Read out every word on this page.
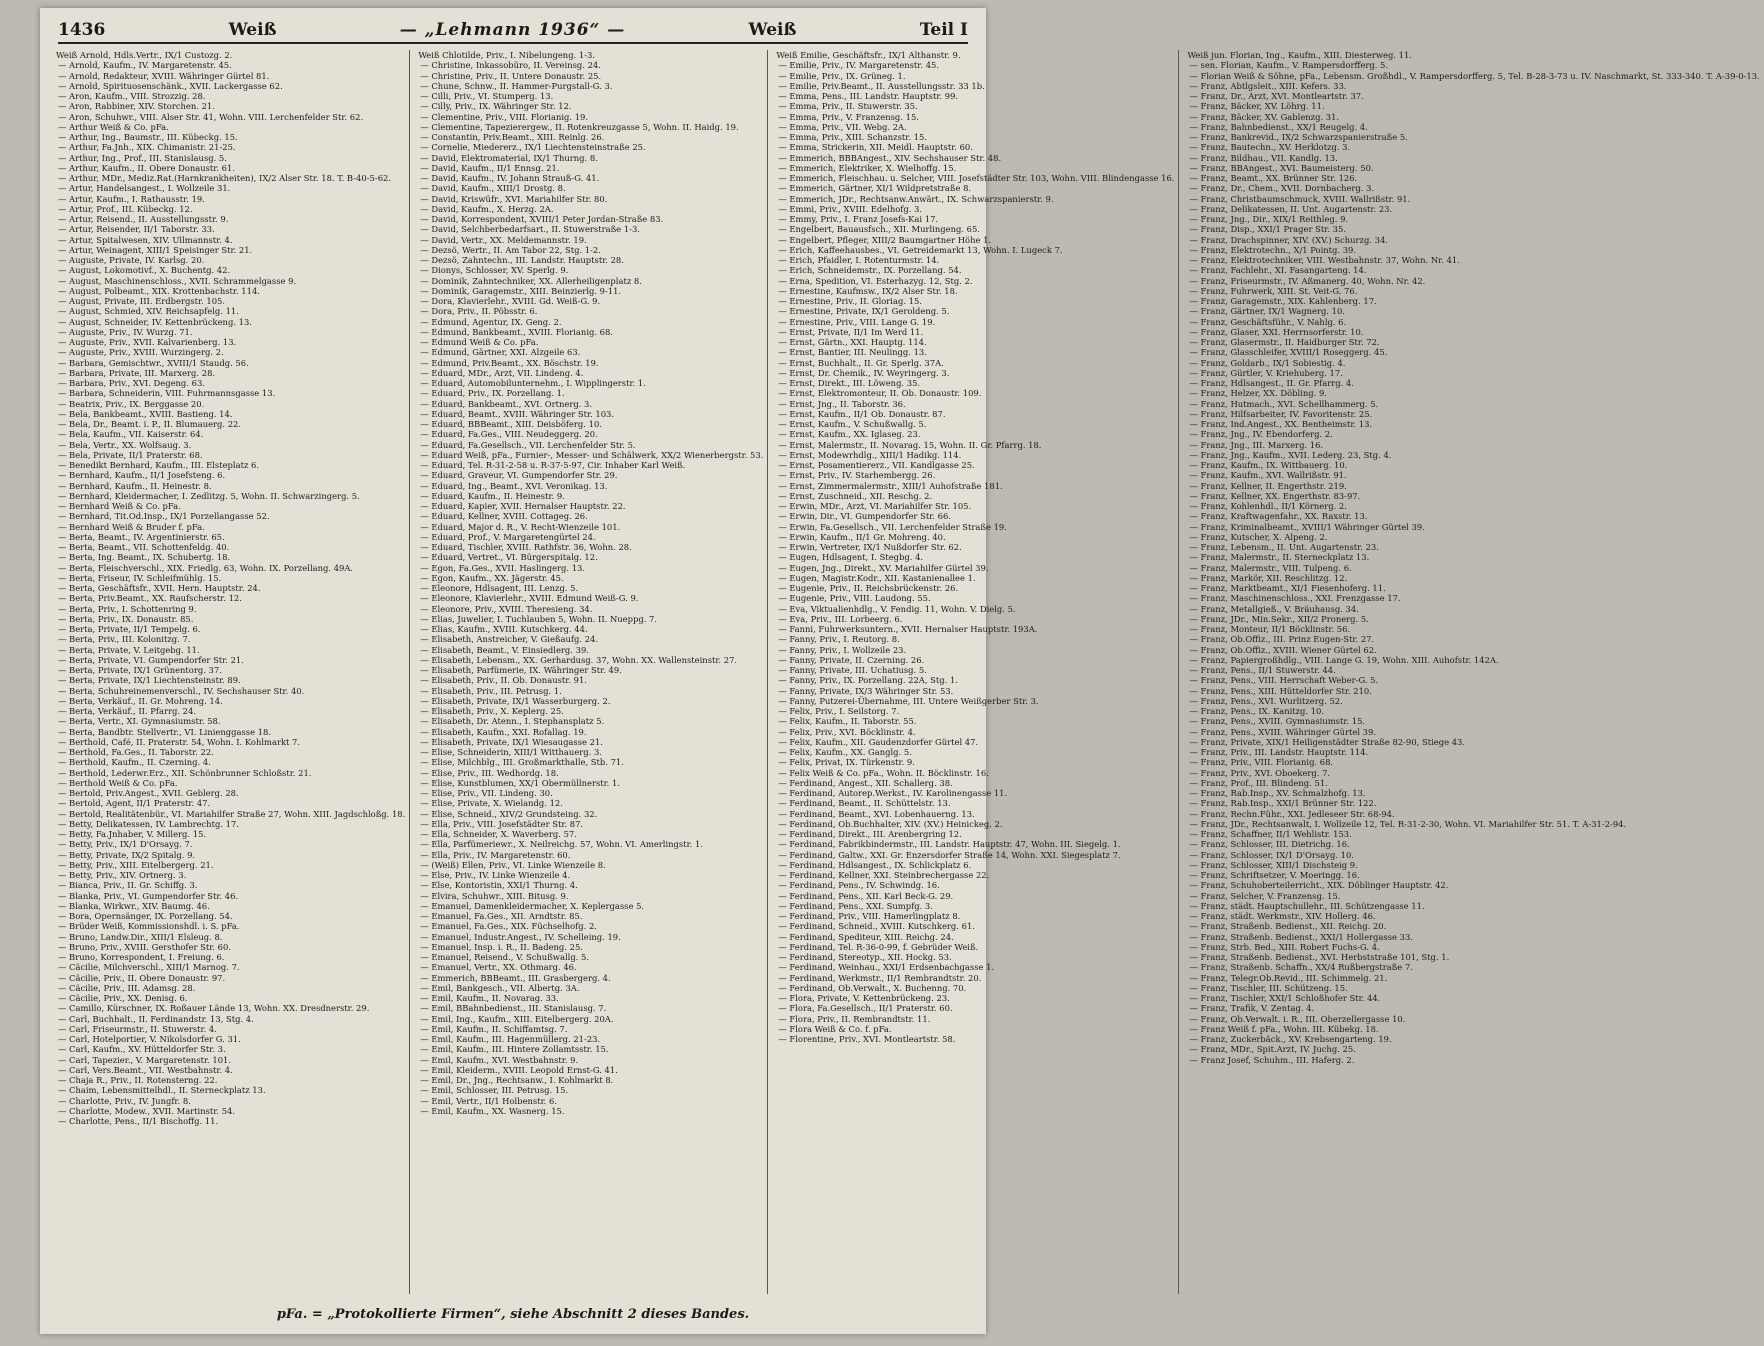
1436	Weiß	— „Lehmann 1936“ —	Weiß	Teil I
Weiß Arnold, Hdls.Vertr., IX/1 Custozg. 2.
— Arnold, Kaufm., IV. Margaretenstr. 45.
— Arnold, Redakteur, XVIII. Währinger Gürtel 81.
— Arnold, Spirituosenschänk., XVII. Lackergasse 62.
— Aron, Kaufm., VIII. Strozzig. 28.
— Aron, Rabbiner, XIV. Storchen. 21.
— Aron, Schuhwr., VIII. Alser Str. 41, Wohn. VIII. Lerchenfelder Str. 62.
— Arthur Weiß & Co. pFa.
— Arthur, Ing., Baumstr., III. Kübeckg. 15.
— Arthur, Fa.Jnh., XIX. Chimanistr. 21-25.
— Arthur, Ing., Prof., III. Stanislausg. 5.
— Arthur, Kaufm., II. Obere Donaustr. 61.
— Arthur, MDr., Mediz.Rat.(Harnkrankheiten), IX/2 Alser Str. 18. T. B-40-5-62.
— Artur, Handelsangest., I. Wollzeile 31.
— Artur, Kaufm., I. Rathausstr. 19.
— Artur, Prof., III. Kübeckg. 12.
— Artur, Reisend., II. Ausstellungsstr. 9.
— Artur, Reisender, II/1 Taborstr. 33.
— Artur, Spitalwesen, XIV. Ullmannstr. 4.
— Artur, Weinagent, XIII/1 Speisinger Str. 21.
— Auguste, Private, IV. Karlsg. 20.
— August, Lokomotivf., X. Buchentg. 42.
— August, Maschinenschloss., XVII. Schrammelgasse 9.
— August, Polbeamt., XIX. Krottenbachstr. 114.
— August, Private, III. Erdbergstr. 105.
— August, Schmied, XIV. Reichsapfelg. 11.
— August, Schneider, IV. Kettenbrückeng. 13.
— Auguste, Priv., IV. Wurzg. 71.
— Auguste, Priv., XVII. Kalvarienberg. 13.
— Auguste, Priv., XVIII. Wurzingerg. 2.
— Barbara, Gemischtwr., XVIII/1 Staudg. 56.
— Barbara, Private, III. Marxerg. 28.
— Barbara, Priv., XVI. Degeng. 63.
— Barbara, Schneiderin, VIII. Fuhrmannsgasse 13.
— Beatrix, Priv., IX. Berggasse 20.
— Bela, Bankbeamt., XVIII. Bastieng. 14.
— Bela, Dr., Beamt. i. P., II. Blumauerg. 22.
— Bela, Kaufm., VII. Kaiserstr. 64.
— Bela, Vertr., XX. Wolfsaug. 3.
— Bela, Private, II/1 Praterstr. 68.
— Benedikt Bernhard, Kaufm., III. Elsteplatz 6.
— Bernhard, Kaufm., II/1 Josefsteng. 6.
— Bernhard, Kaufm., II. Heinestr. 8.
— Bernhard, Kleidermacher, I. Zedlitzg. 5, Wohn. II. Schwarzingerg. 5.
— Bernhard Weiß & Co. pFa.
— Bernhard, Tit.Od.Insp., IX/1 Porzellangasse 52.
— Bernhard Weiß & Bruder f. pFa.
— Berta, Beamt., IV. Argentinierstr. 65.
— Berta, Beamt., VII. Schottenfeldg. 40.
— Berta, Ing. Beamt., IX. Schubertg. 18.
— Berta, Fleischverschl., XIX. Friedlg. 63, Wohn. IX. Porzellang. 49A.
— Berta, Friseur, IV. Schleifmühlg. 15.
— Berta, Geschäftsfr., XVII. Hern. Hauptstr. 24.
— Berta, Priv.Beamt., XX. Raufscherstr. 12.
— Berta, Priv., I. Schottenring 9.
— Berta, Priv., IX. Donaustr. 85.
— Berta, Private, II/1 Tempelg. 6.
— Berta, Priv., III. Kolonitzg. 7.
— Berta, Private, V. Leitgebg. 11.
— Berta, Private, VI. Gumpendorfer Str. 21.
— Berta, Private, IX/1 Grünentorg. 37.
— Berta, Private, IX/1 Liechtensteinstr. 89.
— Berta, Schuhreinemenverschl., IV. Sechshauser Str. 40.
— Berta, Verkäuf., II. Gr. Mohreng. 14.
— Berta, Verkäuf., II. Pfarrg. 24.
— Berta, Vertr., XI. Gymnasiumstr. 58.
— Berta, Bandbtr. Stellvertr., VI. Linienggasse 18.
— Berthold, Café, II. Praterstr. 54, Wohn. I. Kohlmarkt 7.
— Berthold, Fa.Ges., II. Taborstr. 22.
— Berthold, Kaufm., II. Czerning. 4.
— Berthold, Lederwr.Erz., XII. Schönbrunner Schloßstr. 21.
— Berthold Weiß & Co. pFa.
— Bertold, Priv.Angest., XVII. Geblerg. 28.
— Bertold, Agent, II/1 Praterstr. 47.
— Bertold, Realitätenbür., VI. Mariahilfer Straße 27, Wohn. XIII. Jagdschloßg. 18.
— Betty, Delikatessen, IV. Lambrechtg. 17.
— Betty, Fa.Jnhaber, V. Millerg. 15.
— Betty, Priv., IX/1 D'Orsayg. 7.
— Betty, Private, IX/2 Spitalg. 9.
— Betty, Priv., XIII. Eitelbergerg. 21.
— Betty, Priv., XIV. Ortnerg. 3.
— Bianca, Priv., II. Gr. Schiffg. 3.
— Blanka, Priv., VI. Gumpendorfer Str. 46.
— Blanka, Wirkwr., XIV. Baumg. 46.
— Bora, Opernsänger, IX. Porzellang. 54.
— Brüder Weiß, Kommissionshdl. i. S. pFa.
— Bruno, Landw.Dir., XIII/1 Elsleug. 8.
— Bruno, Priv., XVIII. Gersthofer Str. 60.
— Bruno, Korrespondent, I. Freiung. 6.
— Cäcilie, Milchverschl., XIII/1 Marnog. 7.
— Cäcilie, Priv., II. Obere Donaustr. 97.
— Cäcilie, Priv., III. Adamsg. 28.
— Cäcilie, Priv., XX. Denisg. 6.
— Camillo, Kürschner, IX. Roßauer Lände 13, Wohn. XX. Dresdnerstr. 29.
— Carl, Buchhalt., II. Ferdinandstr. 13, Stg. 4.
— Carl, Friseurmstr., II. Stuwerstr. 4.
— Carl, Hotelportier, V. Nikolsdorfer G. 31.
— Carl, Kaufm., XV. Hütteldorfer Str. 3.
— Carl, Tapezier., V. Margaretenstr. 101.
— Carl, Vers.Beamt., VII. Westbahnstr. 4.
— Chaja R., Priv., II. Rotensterng. 22.
— Chaim, Lebensmittelhdl., II. Sterneckplatz 13.
— Charlotte, Priv., IV. Jungfr. 8.
— Charlotte, Modew., XVII. Martinstr. 54.
— Charlotte, Pens., II/1 Bischoffg. 11.
Weiß Chlotilde, Priv., I. Nibelungeng. 1-3.
— Christine, Inkassobüro, II. Vereinsg. 24.
— Christine, Priv., II. Untere Donaustr. 25.
— Chune, Schnw., II. Hammer-Purgstall-G. 3.
— Cilli, Priv., VI. Stumperg. 13.
— Cilly, Priv., IX. Währinger Str. 12.
— Clementine, Priv., VIII. Florianig. 19.
— Clementine, Tapezierergew., II. Rotenkreuzgasse 5, Wohn. II. Haidg. 19.
— Constantin, Priv.Beamt., XIII. Reinlg. 26.
— Cornelie, Miedererz., IX/1 Liechtensteinstraße 25.
— David, Elektromaterial, IX/1 Thurng. 8.
— David, Kaufm., II/1 Ennsg. 21.
— David, Kaufm., IV. Johann Strauß-G. 41.
— David, Kaufm., XIII/1 Drostg. 8.
— David, Kriswüfr., XVI. Mariahilfer Str. 80.
— David, Kaufm., X. Herzg. 2A.
— David, Korrespondent, XVIII/1 Peter Jordan-Straße 83.
— David, Selchberbedarfsart., II. Stuwerstraße 1-3.
— David, Vertr., XX. Meldemannstr. 19.
— Dezsö, Wertr., II. Am Tabor 22, Stg. 1-2.
— Dezsö, Zahntechn., III. Landstr. Hauptstr. 28.
— Dionys, Schlosser, XV. Sperlg. 9.
— Dominik, Zahntechniker, XX. Allerheiligenplatz 8.
— Dominik, Garagemstr., XIII. Beinzierlg. 9-11.
— Dora, Klavierlehr., XVIII. Gd. Weiß-G. 9.
— Dora, Priv., II. Pöbsstr. 6.
— Edmund, Agentur, IX. Geng. 2.
— Edmund, Bankbeamt., XVIII. Florianig. 68.
— Edmund Weiß & Co. pFa.
— Edmund, Gärtner, XXI. Alzgeile 63.
— Edmund, Priv.Beamt., XX. Böschstr. 19.
— Eduard, MDr., Arzt, VII. Lindeng. 4.
— Eduard, Automobilunternehm., I. Wipplingerstr. 1.
— Eduard, Priv., IX. Porzellang. 1.
— Eduard, Bankbeamt., XVI. Ortnerg. 3.
— Eduard, Beamt., XVIII. Währinger Str. 103.
— Eduard, BBBeamt., XIII. Deisböferg. 10.
— Eduard, Fa.Ges., VIII. Neudeggerg. 20.
— Eduard, Fa.Gesellsch., VII. Lerchenfelder Str. 5.
— Eduard Weiß, pFa., Furnier-, Messer- und Schälwerk, XX/2 Wienerbergstr. 53.
— Eduard, Tel. R-31-2-58 u. R-37-5-97, Cir. Inhaber Karl Weiß.
— Eduard, Graveur, VI. Gumpendorfer Str. 29.
— Eduard, Ing., Beamt., XVI. Veronikag. 13.
— Eduard, Kaufm., II. Heinestr. 9.
— Eduard, Kapier, XVII. Hernalser Hauptstr. 22.
— Eduard, Kellner, XVIII. Cottageg. 26.
— Eduard, Major d. R., V. Recht-Wienzeile 101.
— Eduard, Prof., V. Margaretengürtel 24.
— Eduard, Tischler, XVIII. Rathfstr. 36, Wohn. 28.
— Eduard, Vertret., VI. Bürgerspitalg. 12.
— Egon, Fa.Ges., XVII. Haslingerg. 13.
— Egon, Kaufm., XX. Jägerstr. 45.
— Eleonore, Hdlsagent, III. Lenzg. 5.
— Eleonore, Klavierlehr., XVIII. Edmund Weiß-G. 9.
— Eleonore, Priv., XVIII. Theresieng. 34.
— Elias, Juwelier, I. Tuchlauben 5, Wohn. II. Nueppg. 7.
— Elias, Kaufm., XVIII. Kutschkerg. 44.
— Elisabeth, Anstreicher, V. Gießaufg. 24.
— Elisabeth, Beamt., V. Einsiedlerg. 39.
— Elisabeth, Lebensm., XX. Gerhardusg. 37, Wohn. XX. Wallensteinstr. 27.
— Elisabeth, Parfümerie, IX. Währinger Str. 49.
— Elisabeth, Priv., II. Ob. Donaustr. 91.
— Elisabeth, Priv., III. Petrusg. 1.
— Elisabeth, Private, IX/1 Wasserburgerg. 2.
— Elisabeth, Priv., X. Keplerg. 25.
— Elisabeth, Dr. Atenn., I. Stephansplatz 5.
— Elisabeth, Kaufm., XXI. Rofallag. 19.
— Elisabeth, Private, IX/1 Wiesaugasse 21.
— Elise, Schneiderin, XIII/1 Witthauerg. 3.
— Elise, Milchblg., III. Großmarkthalle, Stb. 71.
— Elise, Priv., III. Wedhordg. 18.
— Elise, Kunstblumen, XX/1 Obermüllnerstr. 1.
— Elise, Priv., VII. Lindeng. 30.
— Elise, Private, X. Wielandg. 12.
— Elise, Schneid., XIV/2 Grundsteing. 32.
— Ella, Priv., VIII. Josefstädter Str. 87.
— Ella, Schneider, X. Waverberg. 57.
— Ella, Parfümeriewr., X. Neilreichg. 57, Wohn. VI. Amerlingstr. 1.
— Ella, Priv., IV. Margaretenstr. 60.
— (Weiß) Ellen, Priv., VI. Linke Wienzeile 8.
— Else, Priv., IV. Linke Wienzeile 4.
— Else, Kontoristin, XXI/1 Thurng. 4.
— Elvira, Schuhwr., XIII. Bitusg. 9.
— Emanuel, Damenkleidermacher, X. Keplergasse 5.
— Emanuel, Fa.Ges., XII. Arndtstr. 85.
— Emanuel, Fa.Ges., XIX. Füchselhofg. 2.
— Emanuel, Industr.Angest., IV. Schelleing. 19.
— Emanuel, Insp. i. R., II. Badeng. 25.
— Emanuel, Reisend., V. Schußwallg. 5.
— Emanuel, Vertr., XX. Othmarg. 46.
— Emmerich, BBBeamt., III. Grasbergerg. 4.
— Emil, Bankgesch., VII. Albertg. 3A.
— Emil, Kaufm., II. Novarag. 33.
— Emil, BBahnbedienst., III. Stanislausg. 7.
— Emil, Ing., Kaufm., XIII. Eitelbergerg. 20A.
— Emil, Kaufm., II. Schiffamtsg. 7.
— Emil, Kaufm., III. Hagenmüllerg. 21-23.
— Emil, Kaufm., III. Hintere Zollamtsstr. 15.
— Emil, Kaufm., XVI. Westbahnstr. 9.
— Emil, Kleiderm., XVIII. Leopold Ernst-G. 41.
— Emil, Dr., Jng., Rechtsanw., I. Kohlmarkt 8.
— Emil, Schlosser, III. Petrusg. 15.
— Emil, Vertr., II/1 Holbenstr. 6.
— Emil, Kaufm., XX. Wasnerg. 15.
Weiß Emilie, Geschäftsfr., IX/1 Althanstr. 9.
— Emilie, Priv., IV. Margaretenstr. 45.
— Emilie, Priv., IX. Grüneg. 1.
— Emilie, Priv.Beamt., II. Ausstellungsstr. 33 1b.
— Emma, Pens., III. Landstr. Hauptstr. 99.
— Emma, Priv., II. Stuwerstr. 35.
— Emma, Priv., V. Franzensg. 15.
— Emma, Priv., VII. Webg. 2A.
— Emma, Priv., XIII. Schanzstr. 15.
— Emma, Strickerin, XII. Meidl. Hauptstr. 60.
— Emmerich, BBBAngest., XIV. Sechshauser Str. 48.
— Emmerich, Elektriker, X. Wielhoffg. 15.
— Emmerich, Fleischhau. u. Selcher, VIII. Josefstädter Str. 103, Wohn. VIII. Blindengasse 16.
— Emmerich, Gärtner, XI/1 Wildpretstraße 8.
— Emmerich, JDr., Rechtsanw.Anwärt., IX. Schwarzspanierstr. 9.
— Emmi, Priv., XVIII. Edelhofg. 3.
— Emmy, Priv., I. Franz Josefs-Kai 17.
— Engelbert, Bauausfsch., XII. Murlingeng. 65.
— Engelbert, Pfleger, XIII/2 Baumgartner Höhe 1.
— Erich, Kaffeehausbes., VI. Getreidemarkt 13, Wohn. I. Lugeck 7.
— Erich, Pfaidler, I. Rotenturmstr. 14.
— Erich, Schneidemstr., IX. Porzellang. 54.
— Erna, Spedition, VI. Esterhazyg. 12, Stg. 2.
— Ernestine, Kaufmsw., IX/2 Alser Str. 18.
— Ernestine, Priv., II. Gloriag. 15.
— Ernestine, Private, IX/1 Geroldeng. 5.
— Ernestine, Priv., VIII. Lange G. 19.
— Ernst, Private, II/1 Im Werd 11.
— Ernst, Gärtn., XXI. Hauptg. 114.
— Ernst, Bantier, III. Neulingg. 13.
— Ernst, Buchhalt., II. Gr. Sperlg. 37A.
— Ernst, Dr. Chemik., IV. Weyringerg. 3.
— Ernst, Direkt., III. Löweng. 35.
— Ernst, Elektromonteur, II. Ob. Donaustr. 109.
— Ernst, Jng., II. Taborstr. 36.
— Ernst, Kaufm., II/1 Ob. Donaustr. 87.
— Ernst, Kaufm., V. Schußwallg. 5.
— Ernst, Kaufm., XX. Iglaseg. 23.
— Ernst, Malermstr., II. Novarag. 15, Wohn. II. Gr. Pfarrg. 18.
— Ernst, Modewrhdlg., XIII/1 Hadikg. 114.
— Ernst, Posamentiererz., VII. Kandlgasse 25.
— Ernst, Priv., IV. Starhembergg. 26.
— Ernst, Zimmermalermstr., XIII/1 Auhofstraße 181.
— Ernst, Zuschneid., XII. Reschg. 2.
— Erwin, MDr., Arzt, VI. Mariahilfer Str. 105.
— Erwin, Dir., VI. Gumpendorfer Str. 66.
— Erwin, Fa.Gesellsch., VII. Lerchenfelder Straße 19.
— Erwin, Kaufm., II/1 Gr. Mohreng. 40.
— Erwin, Vertreter, IX/1 Nußdorfer Str. 62.
— Eugen, Hdlsagent, I. Stegbg. 4.
— Eugen, Jng., Direkt., XV. Mariahilfer Gürtel 39.
— Eugen, Magistr.Kodr., XII. Kastanienallee 1.
— Eugenie, Priv., II. Reichsbrückenstr. 26.
— Eugenie, Priv., VIII. Laudong. 55.
— Eva, Viktualienhdlg., V. Fendig. 11, Wohn. V. Dielg. 5.
— Eva, Priv., III. Lorbeerg. 6.
— Fanni, Fuhrwerksuntern., XVII. Hernalser Hauptstr. 193A.
— Fanny, Priv., I. Reutorg. 8.
— Fanny, Priv., I. Wollzeile 23.
— Fanny, Private, II. Czerning. 26.
— Fanny, Private, III. Uchatiusg. 5.
— Fanny, Priv., IX. Porzellang. 22A, Stg. 1.
— Fanny, Private, IX/3 Währinger Str. 53.
— Fanny, Putzerei-Übernahme, III. Untere Weißgerber Str. 3.
— Felix, Priv., I. Seilstorg. 7.
— Felix, Kaufm., II. Taborstr. 55.
— Felix, Priv., XVI. Böcklinstr. 4.
— Felix, Kaufm., XII. Gaudenzdorfer Gürtel 47.
— Felix, Kaufm., XX. Ganglg. 5.
— Felix, Privat, IX. Türkenstr. 9.
— Felix Weiß & Co. pFa., Wohn. II. Böcklinstr. 16.
— Ferdinand, Angest., XII. Schallerg. 38.
— Ferdinand, Autorep.Werkst., IV. Karolinengasse 11.
— Ferdinand, Beamt., II. Schüttelstr. 13.
— Ferdinand, Beamt., XVI. Lobenhauerng. 13.
— Ferdinand, Ob.Buchhalter, XIV. (XV.) Heinickeg. 2.
— Ferdinand, Direkt., III. Arenbergring 12.
— Ferdinand, Fabrikbindermstr., III. Landstr. Hauptstr. 47, Wohn. III. Siegelg. 1.
— Ferdinand, Galtw., XXI. Gr. Enzersdorfer Straße 14, Wohn. XXI. Siegesplatz 7.
— Ferdinand, Hdlsangest., IX. Schlickplatz 6.
— Ferdinand, Kellner, XXI. Steinbrechergasse 22.
— Ferdinand, Pens., IV. Schwindg. 16.
— Ferdinand, Pens., XII. Karl Beck-G. 29.
— Ferdinand, Pens., XXI. Sumpfg. 3.
— Ferdinand, Priv., VIII. Hamerlingplatz 8.
— Ferdinand, Schneid., XVIII. Kutschkerg. 61.
— Ferdinand, Spediteur, XIII. Reichg. 24.
— Ferdinand, Tel. R-36-0-99, f. Gebrüder Weiß.
— Ferdinand, Stereotyp., XII. Hockg. 53.
— Ferdinand, Weinhau., XXI/1 Erdsenbachgasse 1.
— Ferdinand, Werkmstr., II/1 Rembrandtstr. 20.
— Ferdinand, Ob.Verwalt., X. Buchenng. 70.
— Flora, Private, V. Kettenbrückeng. 23.
— Flora, Fa.Gesellsch., II/1 Praterstr. 60.
— Flora, Priv., II. Rembrandtstr. 11.
— Flora Weiß & Co. f. pFa.
— Florentine, Priv., XVI. Montleartstr. 58.
Weiß jun. Florian, Ing., Kaufm., XIII. Diesterweg. 11.
— sen. Florian, Kaufm., V. Rampersdorfferg. 5.
— Florian Weiß & Söhne, pFa., Lebensm. Großhdl., V. Rampersdorfferg. 5, Tel. B-28-3-73 u. IV. Naschmarkt, St. 333-340. T. A-39-0-13.
— Franz, Abtlgsleit., XIII. Kefers. 33.
— Franz, Dr., Arzt, XVI. Montleartstr. 37.
— Franz, Bäcker, XV. Löhrg. 11.
— Franz, Bäcker, XV. Gablenzg. 31.
— Franz, Bahnbedienst., XX/1 Reugelg. 4.
— Franz, Bankrevid., IX/2 Schwarzspanierstraße 5.
— Franz, Bautechn., XV. Herklotzg. 3.
— Franz, Bildhau., VII. Kandlg. 13.
— Franz, BBAngest., XVI. Baumeisterg. 50.
— Franz, Beamt., XX. Brünner Str. 126.
— Franz, Dr., Chem., XVII. Dornbacherg. 3.
— Franz, Christbaumschmuck, XVIII. Wallrißstr. 91.
— Franz, Delikatessen, II. Unt. Augartenstr. 23.
— Franz, Jng., Dir., XIX/1 Reithleg. 9.
— Franz, Disp., XXI/1 Prager Str. 35.
— Franz, Drachspinner, XIV. (XV.) Schurzg. 34.
— Franz, Elektrotechn., X/1 Pointg. 39.
— Franz, Elektrotechniker, VIII. Westbahnstr. 37, Wohn. Nr. 41.
— Franz, Fachlehr., XI. Fasangarteng. 14.
— Franz, Friseurmstr., IV. Aßmanerg. 40, Wohn. Nr. 42.
— Franz, Fuhrwerk, XIII. St. Veit-G. 76.
— Franz, Garagemstr., XIX. Kahlenberg. 17.
— Franz, Gärtner, IX/1 Wagnerg. 10.
— Franz, Geschäftsführ., V. Nahlg. 6.
— Franz, Glaser, XXI. Herrnsorferstr. 10.
— Franz, Glasermstr., II. Haidburger Str. 72.
— Franz, Glasschleifer, XVIII/1 Roseggerg. 45.
— Franz, Goldarb., IX/1 Sobiestig. 4.
— Franz, Gürtler, V. Kriehuberg. 17.
— Franz, Hdlsangest., II. Gr. Pfarrg. 4.
— Franz, Helzer, XX. Döbling. 9.
— Franz, Hutmach., XVI. Schellhammerg. 5.
— Franz, Hilfsarbeiter, IV. Favoritenstr. 25.
— Franz, Ind.Angest., XX. Bentheimstr. 13.
— Franz, Jng., IV. Ebendorferg. 2.
— Franz, Jng., III. Marxerg. 16.
— Franz, Jng., Kaufm., XVII. Lederg. 23, Stg. 4.
— Franz, Kaufm., IX. Wittbauerg. 10.
— Franz, Kaufm., XVI. Wallrißstr. 91.
— Franz, Kellner, II. Engerthstr. 219.
— Franz, Kellner, XX. Engerthstr. 83-97.
— Franz, Kohlenhdl., II/1 Körnerg. 2.
— Franz, Kraftwagenfahr., XX. Raxstr. 13.
— Franz, Kriminalbeamt., XVIII/1 Währinger Gürtel 39.
— Franz, Kutscher, X. Alpeng. 2.
— Franz, Lebensm., II. Unt. Augartenstr. 23.
— Franz, Malermstr., II. Sterneckplatz 13.
— Franz, Malermstr., VIII. Tulpeng. 6.
— Franz, Markör, XII. Reschlitzg. 12.
— Franz, Marktbeamt., XI/1 Fiesenhoferg. 11.
— Franz, Maschinenschloss., XXI. Frenzgasse 17.
— Franz, Metallgieß., V. Bräuhausg. 34.
— Franz, JDr., Min.Sekr., XII/2 Pronerg. 5.
— Franz, Monteur, II/1 Böcklinstr. 56.
— Franz, Ob.Offiz., III. Prinz Eugen-Str. 27.
— Franz, Ob.Offiz., XVIII. Wiener Gürtel 62.
— Franz, Papiergroßhdlg., VIII. Lange G. 19, Wohn. XIII. Auhofstr. 142A.
— Franz, Pens., II/1 Stuwerstr. 44.
— Franz, Pens., VIII. Herrschaft Weber-G. 5.
— Franz, Pens., XIII. Hütteldorfer Str. 210.
— Franz, Pens., XVI. Wurlitzerg. 52.
— Franz, Pens., IX. Kanitzg. 10.
— Franz, Pens., XVIII. Gymnasiumstr. 15.
— Franz, Pens., XVIII. Währinger Gürtel 39.
— Franz, Private, XIX/1 Heiligenstädter Straße 82-90, Stiege 43.
— Franz, Priv., III. Landstr. Hauptstr. 114.
— Franz, Priv., VIII. Florianig. 68.
— Franz, Priv., XVI. Oboekerg. 7.
— Franz, Prof., III. Blindeng. 51.
— Franz, Rab.Insp., XV. Schmalzhofg. 13.
— Franz, Rab.Insp., XXI/1 Brünner Str. 122.
— Franz, Rechn.Führ., XXI. Jedleseer Str. 68-94.
— Franz, JDr., Rechtsanwalt, I. Wollzeile 12, Tel. R-31-2-30, Wohn. VI. Mariahilfer Str. 51. T. A-31-2-94.
— Franz, Schaffner, II/1 Wehlistr. 153.
— Franz, Schlosser, III. Dietrichg. 16.
— Franz, Schlosser, IX/1 D'Orsayg. 10.
— Franz, Schlosser, XIII/1 Dischsteig 9.
— Franz, Schriftsetzer, V. Moeringg. 16.
— Franz, Schuhoberteilerricht., XIX. Döblinger Hauptstr. 42.
— Franz, Selcher, V. Franzensg. 15.
— Franz, städt. Hauptschullehr., III. Schützengasse 11.
— Franz, städt. Werkmstr., XIV. Hollerg. 46.
— Franz, Straßenb. Bedienst., XII. Reichg. 20.
— Franz, Straßenb. Bedienst., XXI/1 Hollergasse 33.
— Franz, Strb. Bed., XIII. Robert Fuchs-G. 4.
— Franz, Straßenb. Bedienst., XVI. Herbststraße 101, Stg. 1.
— Franz, Straßenb. Schaffn., XX/4 Rußbergstraße 7.
— Franz, Telegr.Ob.Revid., III. Schimmelg. 21.
— Franz, Tischler, III. Schützeng. 15.
— Franz, Tischler, XXI/1 Schloßhofer Str. 44.
— Franz, Trafik, V. Zentag. 4.
— Franz, Ob.Verwalt. i. R., III. Oberzellergasse 10.
— Franz Weiß f. pFa., Wohn. III. Kübekg. 18.
— Franz, Zuckerbäck., XV. Krebsengarteng. 19.
— Franz, MDr., Spit.Arzt, IV. Juchg. 25.
— Franz Josef, Schuhm., III. Haferg. 2.
pFa. = „Protokollierte Firmen“, siehe Abschnitt 2 dieses Bandes.
